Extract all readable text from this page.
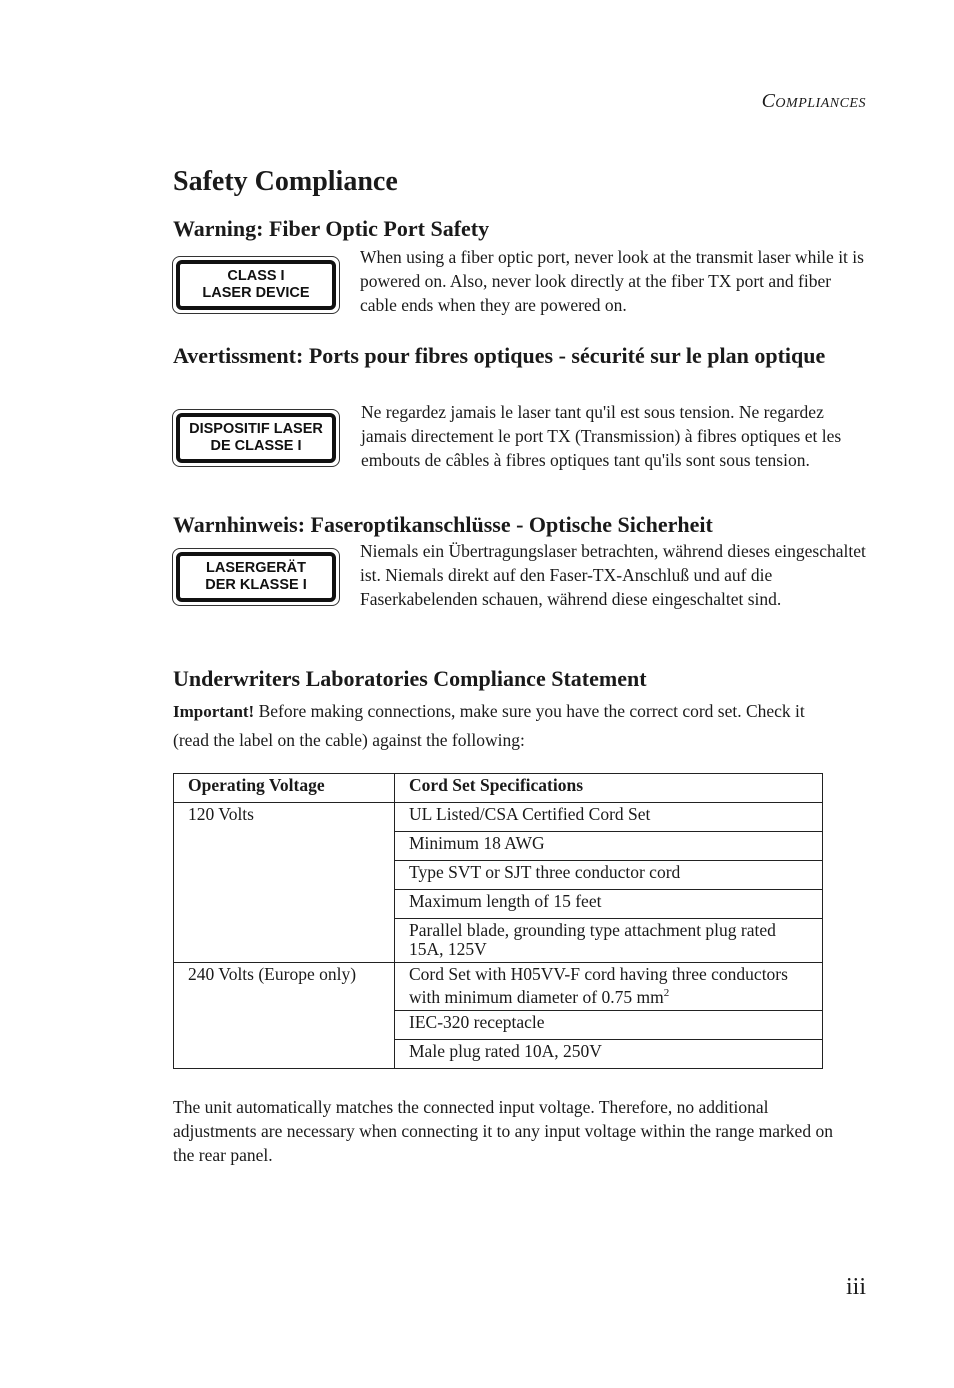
Compliances
Safety Compliance
Warning: Fiber Optic Port Safety
CLASS I
LASER DEVICE
When using a fiber optic port, never look at the transmit laser while it is powered on. Also, never look directly at the fiber TX port and fiber cable ends when they are powered on.
Avertissment: Ports pour fibres optiques - sécurité sur le plan optique
DISPOSITIF LASER
DE CLASSE I
Ne regardez jamais le laser tant qu'il est sous tension. Ne regardez jamais directement le port TX (Transmission) à fibres optiques et les embouts de câbles à fibres optiques tant qu'ils sont sous tension.
Warnhinweis: Faseroptikanschlüsse - Optische Sicherheit
LASERGERÄT
DER KLASSE I
Niemals ein Übertragungslaser betrachten, während dieses eingeschaltet ist. Niemals direkt auf den Faser-TX-Anschluß und auf die Faserkabelenden schauen, während diese eingeschaltet sind.
Underwriters Laboratories Compliance Statement
Important! Before making connections, make sure you have the correct cord set. Check it (read the label on the cable) against the following:
Operating Voltage	Cord Set Specifications
120 Volts	UL Listed/CSA Certified Cord Set
	Minimum 18 AWG
	Type SVT or SJT three conductor cord
	Maximum length of 15 feet
	Parallel blade, grounding type attachment plug rated 15A, 125V
240 Volts (Europe only)	Cord Set with H05VV-F cord having three conductors with minimum diameter of 0.75 $mm^2$
	IEC-320 receptacle
	Male plug rated 10A, 250V
The unit automatically matches the connected input voltage. Therefore, no additional adjustments are necessary when connecting it to any input voltage within the range marked on the rear panel.
iii
